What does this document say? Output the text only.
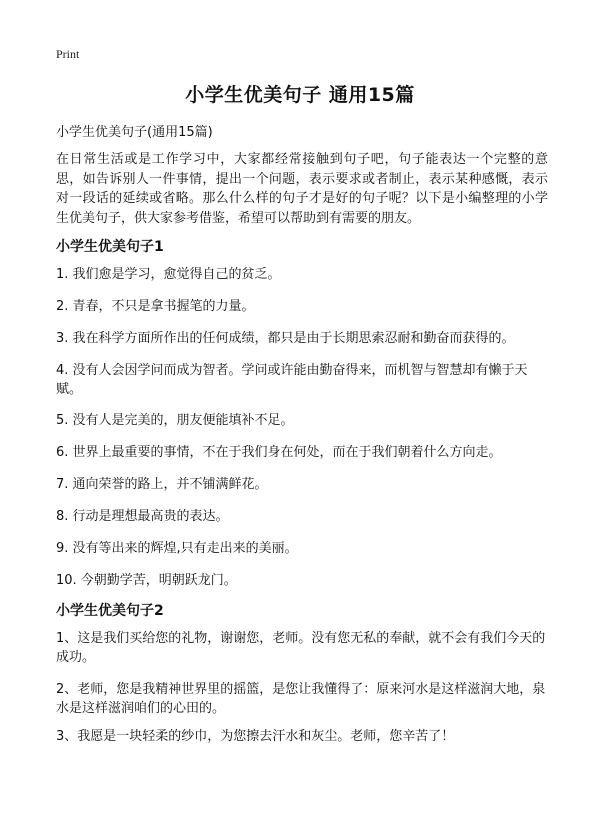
Print
小学生优美句子 通用15篇
小学生优美句子(通用15篇)
在日常生活或是工作学习中，大家都经常接触到句子吧，句子能表达一个完整的意思，如告诉别人一件事情，提出一个问题，表示要求或者制止，表示某种感慨，表示对一段话的延续或省略。那么什么样的句子才是好的句子呢？以下是小编整理的小学生优美句子，供大家参考借鉴，希望可以帮助到有需要的朋友。
小学生优美句子1
1. 我们愈是学习，愈觉得自己的贫乏。
2. 青春，不只是拿书握笔的力量。
3. 我在科学方面所作出的任何成绩，都只是由于长期思索忍耐和勤奋而获得的。
4. 没有人会因学问而成为智者。学问或许能由勤奋得来，而机智与智慧却有懒于天赋。
5. 没有人是完美的，朋友便能填补不足。
6. 世界上最重要的事情，不在于我们身在何处，而在于我们朝着什么方向走。
7. 通向荣誉的路上，并不铺满鲜花。
8. 行动是理想最高贵的表达。
9. 没有等出来的辉煌,只有走出来的美丽。
10. 今朝勤学苦，明朝跃龙门。
小学生优美句子2
1、这是我们买给您的礼物，谢谢您，老师。没有您无私的奉献，就不会有我们今天的成功。
2、老师，您是我精神世界里的摇篮，是您让我懂得了：原来河水是这样滋润大地，泉水是这样滋润咱们的心田的。
3、我愿是一块轻柔的纱巾，为您擦去汗水和灰尘。老师，您辛苦了！
